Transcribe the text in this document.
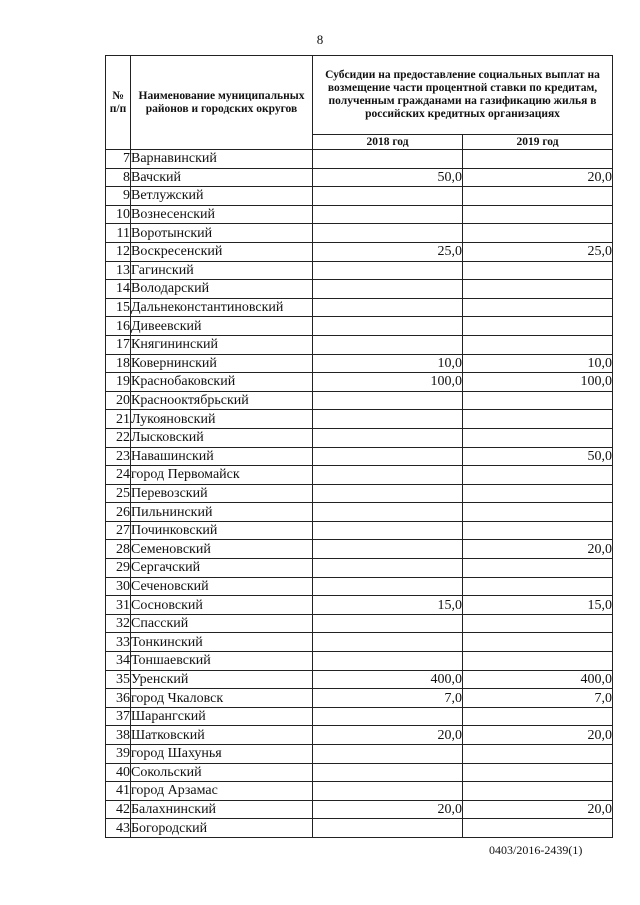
8
№ п/п	Наименование муниципальных районов и городских округов	Субсидии на предоставление социальных выплат на возмещение части процентной ставки по кредитам, полученным гражданами на газификацию жилья в российских кредитных организациях	
		2018 год	2019 год
7	Варнавинский		
8	Вачский	50,0	20,0
9	Ветлужский		
10	Вознесенский		
11	Воротынский		
12	Воскресенский	25,0	25,0
13	Гагинский		
14	Володарский		
15	Дальнеконстантиновский		
16	Дивеевский		
17	Княгининский		
18	Ковернинский	10,0	10,0
19	Краснобаковский	100,0	100,0
20	Краснооктябрьский		
21	Лукояновский		
22	Лысковский		
23	Навашинский		50,0
24	город Первомайск		
25	Перевозский		
26	Пильнинский		
27	Починковский		
28	Семеновский		20,0
29	Сергачский		
30	Сеченовский		
31	Сосновский	15,0	15,0
32	Спасский		
33	Тонкинский		
34	Тоншаевский		
35	Уренский	400,0	400,0
36	город Чкаловск	7,0	7,0
37	Шарангский		
38	Шатковский	20,0	20,0
39	город Шахунья		
40	Сокольский		
41	город Арзамас		
42	Балахнинский	20,0	20,0
43	Богородский		
0403/2016-2439(1)
